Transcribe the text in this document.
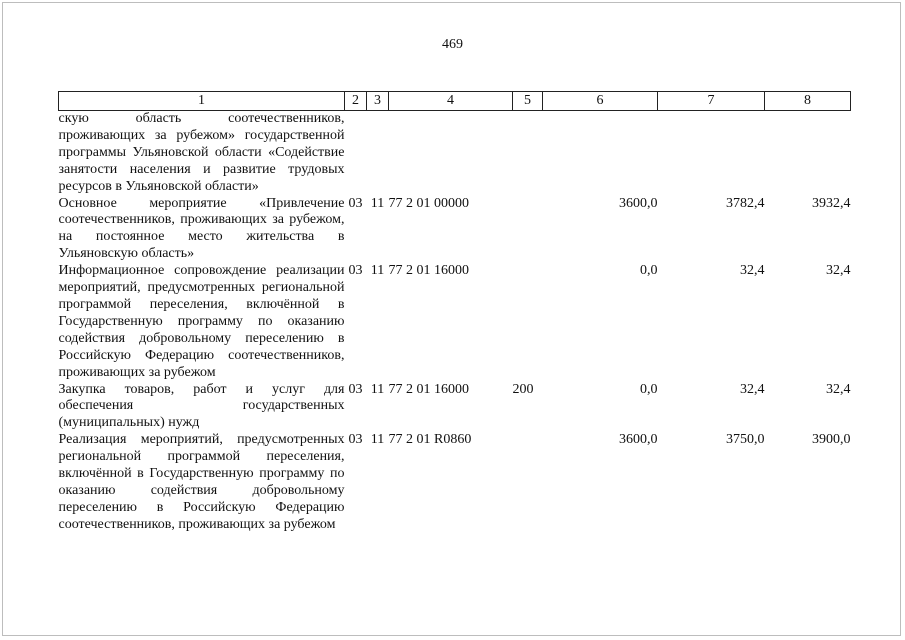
469
1	2	3	4	5	6	7	8
скую область соотечественников, проживающих за рубежом» государственной программы Ульяновской области «Содействие занятости населения и развитие трудовых ресурсов в Ульяновской области»							
Основное мероприятие «Привлечение соотечественников, проживающих за рубежом, на постоянное место жительства в Ульяновскую область»	03	11	77 2 01 00000		3600,0	3782,4	3932,4
Информационное сопровождение реализации мероприятий, предусмотренных региональной программой переселения, включённой в Государственную программу по оказанию содействия добровольному переселению в Российскую Федерацию соотечественников, проживающих за рубежом	03	11	77 2 01 16000		0,0	32,4	32,4
Закупка товаров, работ и услуг для обеспечения государственных (муниципальных) нужд	03	11	77 2 01 16000	200	0,0	32,4	32,4
Реализация мероприятий, предусмотренных региональной программой переселения, включённой в Государственную программу по оказанию содействия добровольному переселению в Российскую Федерацию соотечественников, проживающих за рубежом	03	11	77 2 01 R0860		3600,0	3750,0	3900,0
